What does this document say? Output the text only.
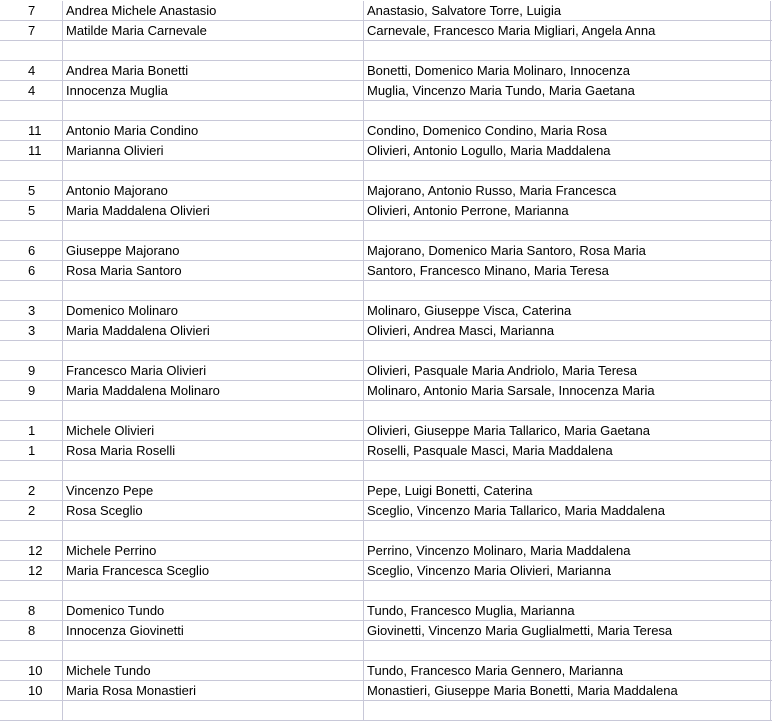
7	Andrea Michele Anastasio	Anastasio, Salvatore Torre, Luigia
7	Matilde Maria Carnevale	Carnevale, Francesco Maria Migliari, Angela Anna
4	Andrea Maria Bonetti	Bonetti, Domenico Maria Molinaro, Innocenza
4	Innocenza Muglia	Muglia, Vincenzo Maria Tundo, Maria Gaetana
11	Antonio Maria Condino	Condino, Domenico Condino, Maria Rosa
11	Marianna Olivieri	Olivieri, Antonio Logullo, Maria Maddalena
5	Antonio Majorano	Majorano, Antonio Russo, Maria Francesca
5	Maria Maddalena Olivieri	Olivieri, Antonio Perrone, Marianna
6	Giuseppe Majorano	Majorano, Domenico Maria Santoro, Rosa Maria
6	Rosa Maria Santoro	Santoro, Francesco Minano, Maria Teresa
3	Domenico Molinaro	Molinaro, Giuseppe Visca, Caterina
3	Maria Maddalena Olivieri	Olivieri, Andrea Masci, Marianna
9	Francesco Maria Olivieri	Olivieri, Pasquale Maria Andriolo, Maria Teresa
9	Maria Maddalena Molinaro	Molinaro, Antonio Maria Sarsale, Innocenza Maria
1	Michele Olivieri	Olivieri, Giuseppe Maria Tallarico, Maria Gaetana
1	Rosa Maria Roselli	Roselli, Pasquale Masci, Maria Maddalena
2	Vincenzo Pepe	Pepe, Luigi Bonetti, Caterina
2	Rosa Sceglio	Sceglio, Vincenzo Maria Tallarico, Maria Maddalena
12	Michele Perrino	Perrino, Vincenzo Molinaro, Maria Maddalena
12	Maria Francesca Sceglio	Sceglio, Vincenzo Maria Olivieri, Marianna
8	Domenico Tundo	Tundo, Francesco Muglia, Marianna
8	Innocenza Giovinetti	Giovinetti, Vincenzo Maria Guglialmetti, Maria Teresa
10	Michele Tundo	Tundo, Francesco Maria Gennero, Marianna
10	Maria Rosa Monastieri	Monastieri, Giuseppe Maria Bonetti, Maria Maddalena
